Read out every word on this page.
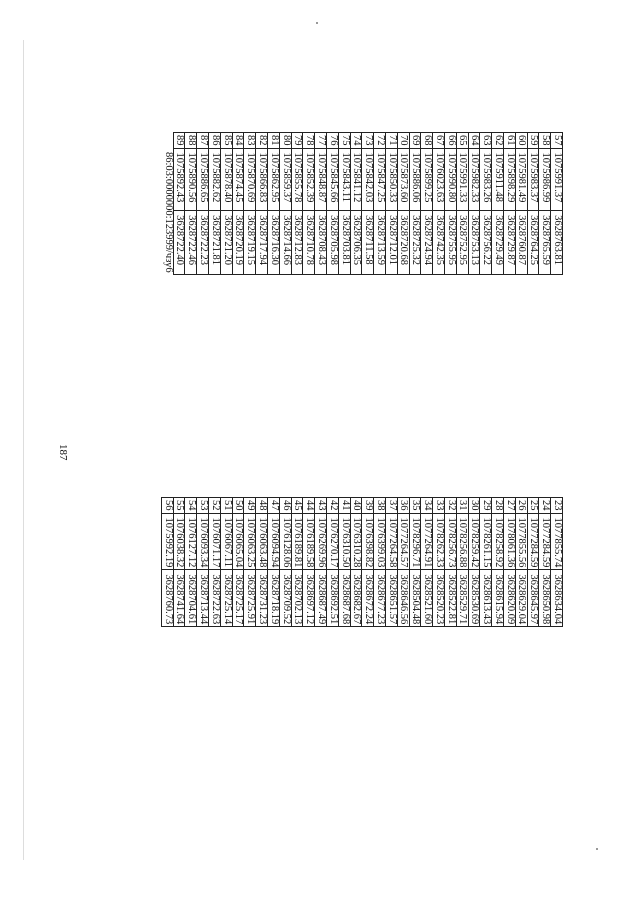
187
23	1077855.74	3628634.04
24	1077284.59	3628650.98
25	1077284.59	3628645.97
26	1077855.56	3628629.04
27	1078061.36	3628620.09
28	1078258.92	3628615.94
29	1078261.15	3628613.43
30	1078259.42	3628530.69
31	1078256.88	3628529.71
32	1078256.73	3628522.81
33	1078262.33	3628520.23
34	1077264.91	3628521.60
35	1078296.71	3628504.48
36	1077264.57	3628646.56
37	1077264.58	3628651.57
38	1076399.03	3628677.23
39	1076398.82	3628672.24
40	1076310.28	3628682.67
41	1076310.50	3628687.68
42	1076270.17	3628692.51
43	1076269.96	3628687.49
44	1076189.58	3628697.12
45	1076189.81	3628702.13
46	1076128.06	3628709.52
47	1076094.94	3628718.19
48	1076063.48	3628731.23
49	1076063.25	3628725.91
50	1076065.04	3628725.17
51	1076067.11	3628725.14
52	1076071.17	3628722.63
53	1076093.34	3628713.44
54	1076127.12	3628704.61
55	1076038.32	3628741.64
56	1075992.19	3628760.73
57	1075991.37	3628763.81
58	1075986.99	3628765.59
59	1075983.37	3628764.25
60	1075981.49	3628760.87
61	1075898.29	3628729.87
62	1075911.48	3628729.49
63	1075983.26	3628756.22
64	1075982.33	3628753.13
65	1075991.33	3628752.95
66	1075990.80	3628755.95
67	1076023.63	3628742.35
68	1075899.25	3628724.94
69	1075886.06	3628725.32
70	1075873.60	3628720.68
71	1075850.33	3628712.01
72	1075847.25	3628713.59
73	1075842.03	3628711.58
74	1075841.12	3628706.35
75	1075843.11	3628703.81
76	1075845.66	3628705.98
77	1075848.87	3628708.43
78	1075852.39	3628710.78
79	1075855.78	3628712.83
80	1075859.37	3628714.66
81	1075862.95	3628716.30
82	1075866.83	3628717.94
83	1075870.69	3628719.15
84	1075874.45	3628720.19
85	1075878.40	3628721.20
86	1075882.62	3628721.81
87	1075886.65	3628722.23
88	1075890.56	3628722.46
89	1075892.43	3628722.40
	86:03:0000000:123999/чзу6	
